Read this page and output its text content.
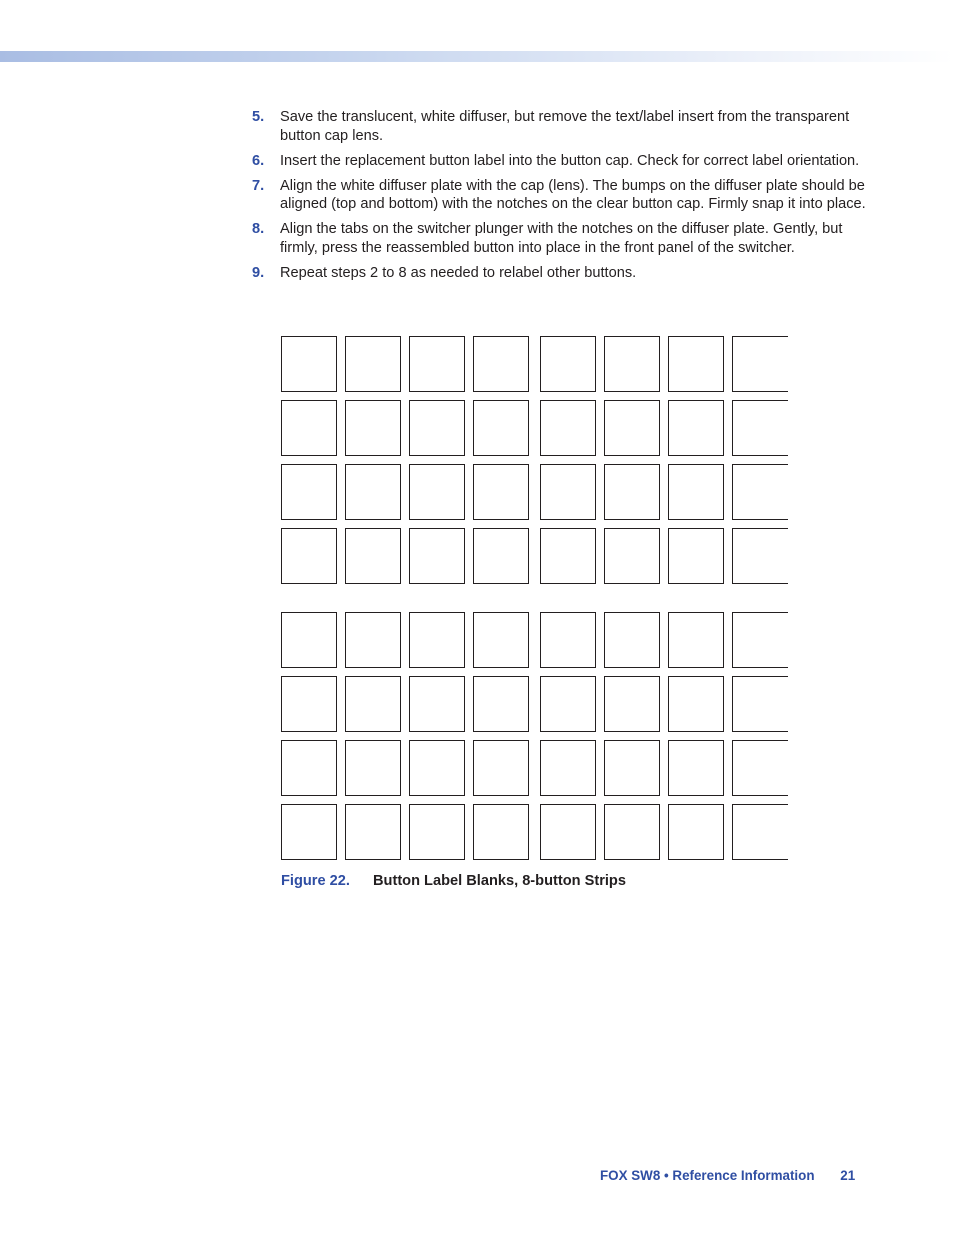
5. Save the translucent, white diffuser, but remove the text/label insert from the transparent button cap lens.
6. Insert the replacement button label into the button cap. Check for correct label orientation.
7. Align the white diffuser plate with the cap (lens). The bumps on the diffuser plate should be aligned (top and bottom) with the notches on the clear button cap. Firmly snap it into place.
8. Align the tabs on the switcher plunger with the notches on the diffuser plate. Gently, but firmly, press the reassembled button into place in the front panel of the switcher.
9. Repeat steps 2 to 8 as needed to relabel other buttons.
Figure 22. Button Label Blanks, 8-button Strips
FOX SW8 • Reference Information 21
